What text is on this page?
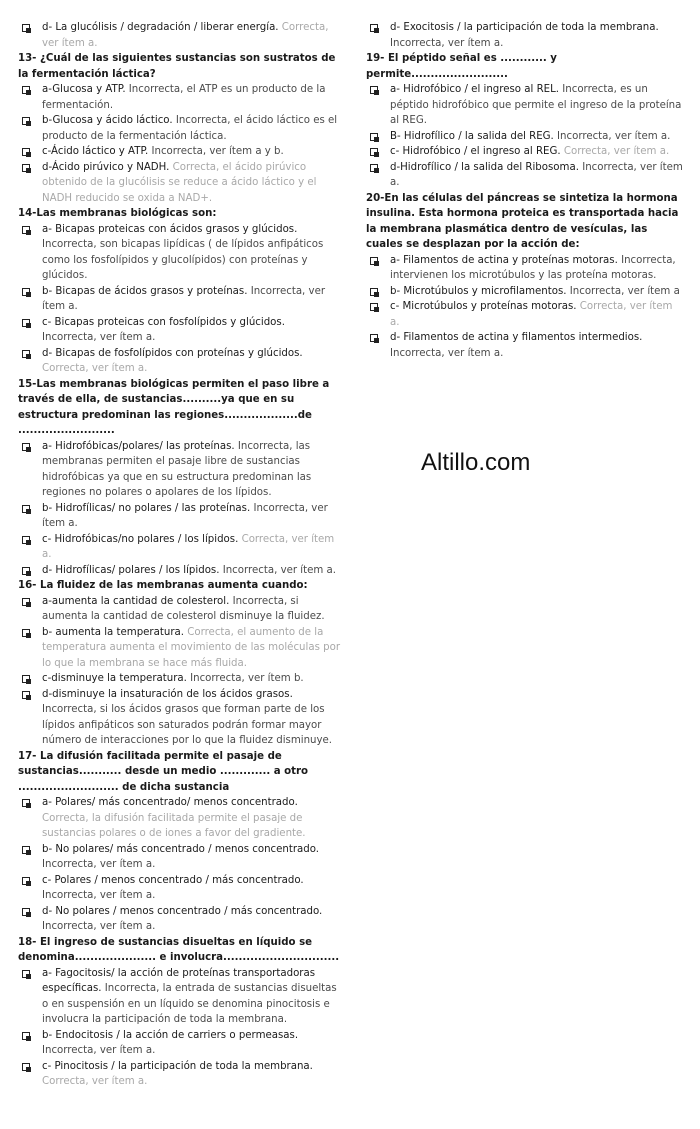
d- La glucólisis / degradación / liberar energía. Correcta, ver ítem a.
13- ¿Cuál de las siguientes sustancias son sustratos de la fermentación láctica?
a-Glucosa y ATP. Incorrecta, el ATP es un producto de la fermentación.
b-Glucosa y ácido láctico. Incorrecta, el ácido láctico es el producto de la fermentación láctica.
c-Ácido láctico y ATP. Incorrecta, ver ítem a y b.
d-Ácido pirúvico y NADH. Correcta, el ácido pirúvico obtenido de la glucólisis se reduce a ácido láctico y el NADH reducido se oxida a NAD+.
14-Las membranas biológicas son:
a- Bicapas proteicas con ácidos grasos y glúcidos. Incorrecta, son bicapas lipídicas ( de lípidos anfipáticos como los fosfolípidos y glucolípidos) con proteínas y glúcidos.
b- Bicapas de ácidos grasos y proteínas. Incorrecta, ver ítem a.
c- Bicapas proteicas con fosfolípidos y glúcidos. Incorrecta, ver ítem a.
d- Bicapas de fosfolípidos con proteínas y glúcidos. Correcta, ver ítem a.
15-Las membranas biológicas permiten el paso libre a través de ella, de sustancias..........ya que en su estructura predominan las regiones...................de .........................
a- Hidrofóbicas/polares/ las proteínas. Incorrecta, las membranas permiten el pasaje libre de sustancias hidrofóbicas ya que en su estructura predominan las regiones no polares o apolares de los lípidos.
b- Hidrofílicas/ no polares / las proteínas. Incorrecta, ver ítem a.
c- Hidrofóbicas/no polares / los lípidos. Correcta, ver ítem a.
d- Hidrofílicas/ polares / los lípidos. Incorrecta, ver ítem a.
16- La fluidez de las membranas aumenta cuando:
a-aumenta la cantidad de colesterol. Incorrecta, si aumenta la cantidad de colesterol disminuye la fluidez.
b- aumenta la temperatura. Correcta, el aumento de la temperatura aumenta el movimiento de las moléculas por lo que la membrana se hace más fluida.
c-disminuye la temperatura. Incorrecta, ver ítem b.
d-disminuye la insaturación de los ácidos grasos. Incorrecta, si los ácidos grasos que forman parte de los lípidos anfipáticos son saturados podrán formar mayor número de interacciones por lo que la fluidez disminuye.
17- La difusión facilitada permite el pasaje de sustancias........... desde un medio ............. a otro .......................... de dicha sustancia
a- Polares/ más concentrado/ menos concentrado. Correcta, la difusión facilitada permite el pasaje de sustancias polares o de iones a favor del gradiente.
b- No polares/ más concentrado / menos concentrado. Incorrecta, ver ítem a.
c- Polares / menos concentrado / más concentrado. Incorrecta, ver ítem a.
d- No polares / menos concentrado / más concentrado. Incorrecta, ver ítem a.
18- El ingreso de sustancias disueltas en líquido se denomina..................... e involucra..............................
a- Fagocitosis/ la acción de proteínas transportadoras específicas. Incorrecta, la entrada de sustancias disueltas o en suspensión en un líquido se denomina pinocitosis e involucra la participación de toda la membrana.
b- Endocitosis / la acción de carriers o permeasas. Incorrecta, ver ítem a.
c- Pinocitosis / la participación de toda la membrana. Correcta, ver ítem a.
d- Exocitosis / la participación de toda la membrana. Incorrecta, ver ítem a.
19- El péptido señal es ............ y permite.........................
a- Hidrofóbico / el ingreso al REL. Incorrecta, es un péptido hidrofóbico que permite el ingreso de la proteína al REG.
B- Hidrofílico / la salida del REG. Incorrecta, ver ítem a.
c- Hidrofóbico / el ingreso al REG. Correcta, ver ítem a.
d-Hidrofílico / la salida del Ribosoma. Incorrecta, ver ítem a.
20-En las células del páncreas se sintetiza la hormona insulina. Esta hormona proteica es transportada hacia la membrana plasmática dentro de vesículas, las cuales se desplazan por la acción de:
a- Filamentos de actina y proteínas motoras. Incorrecta, intervienen los microtúbulos y las proteína motoras.
b- Microtúbulos y microfilamentos. Incorrecta, ver ítem a
c- Microtúbulos y proteínas motoras. Correcta, ver ítem a.
d- Filamentos de actina y filamentos intermedios. Incorrecta, ver ítem a.
Altillo.com
